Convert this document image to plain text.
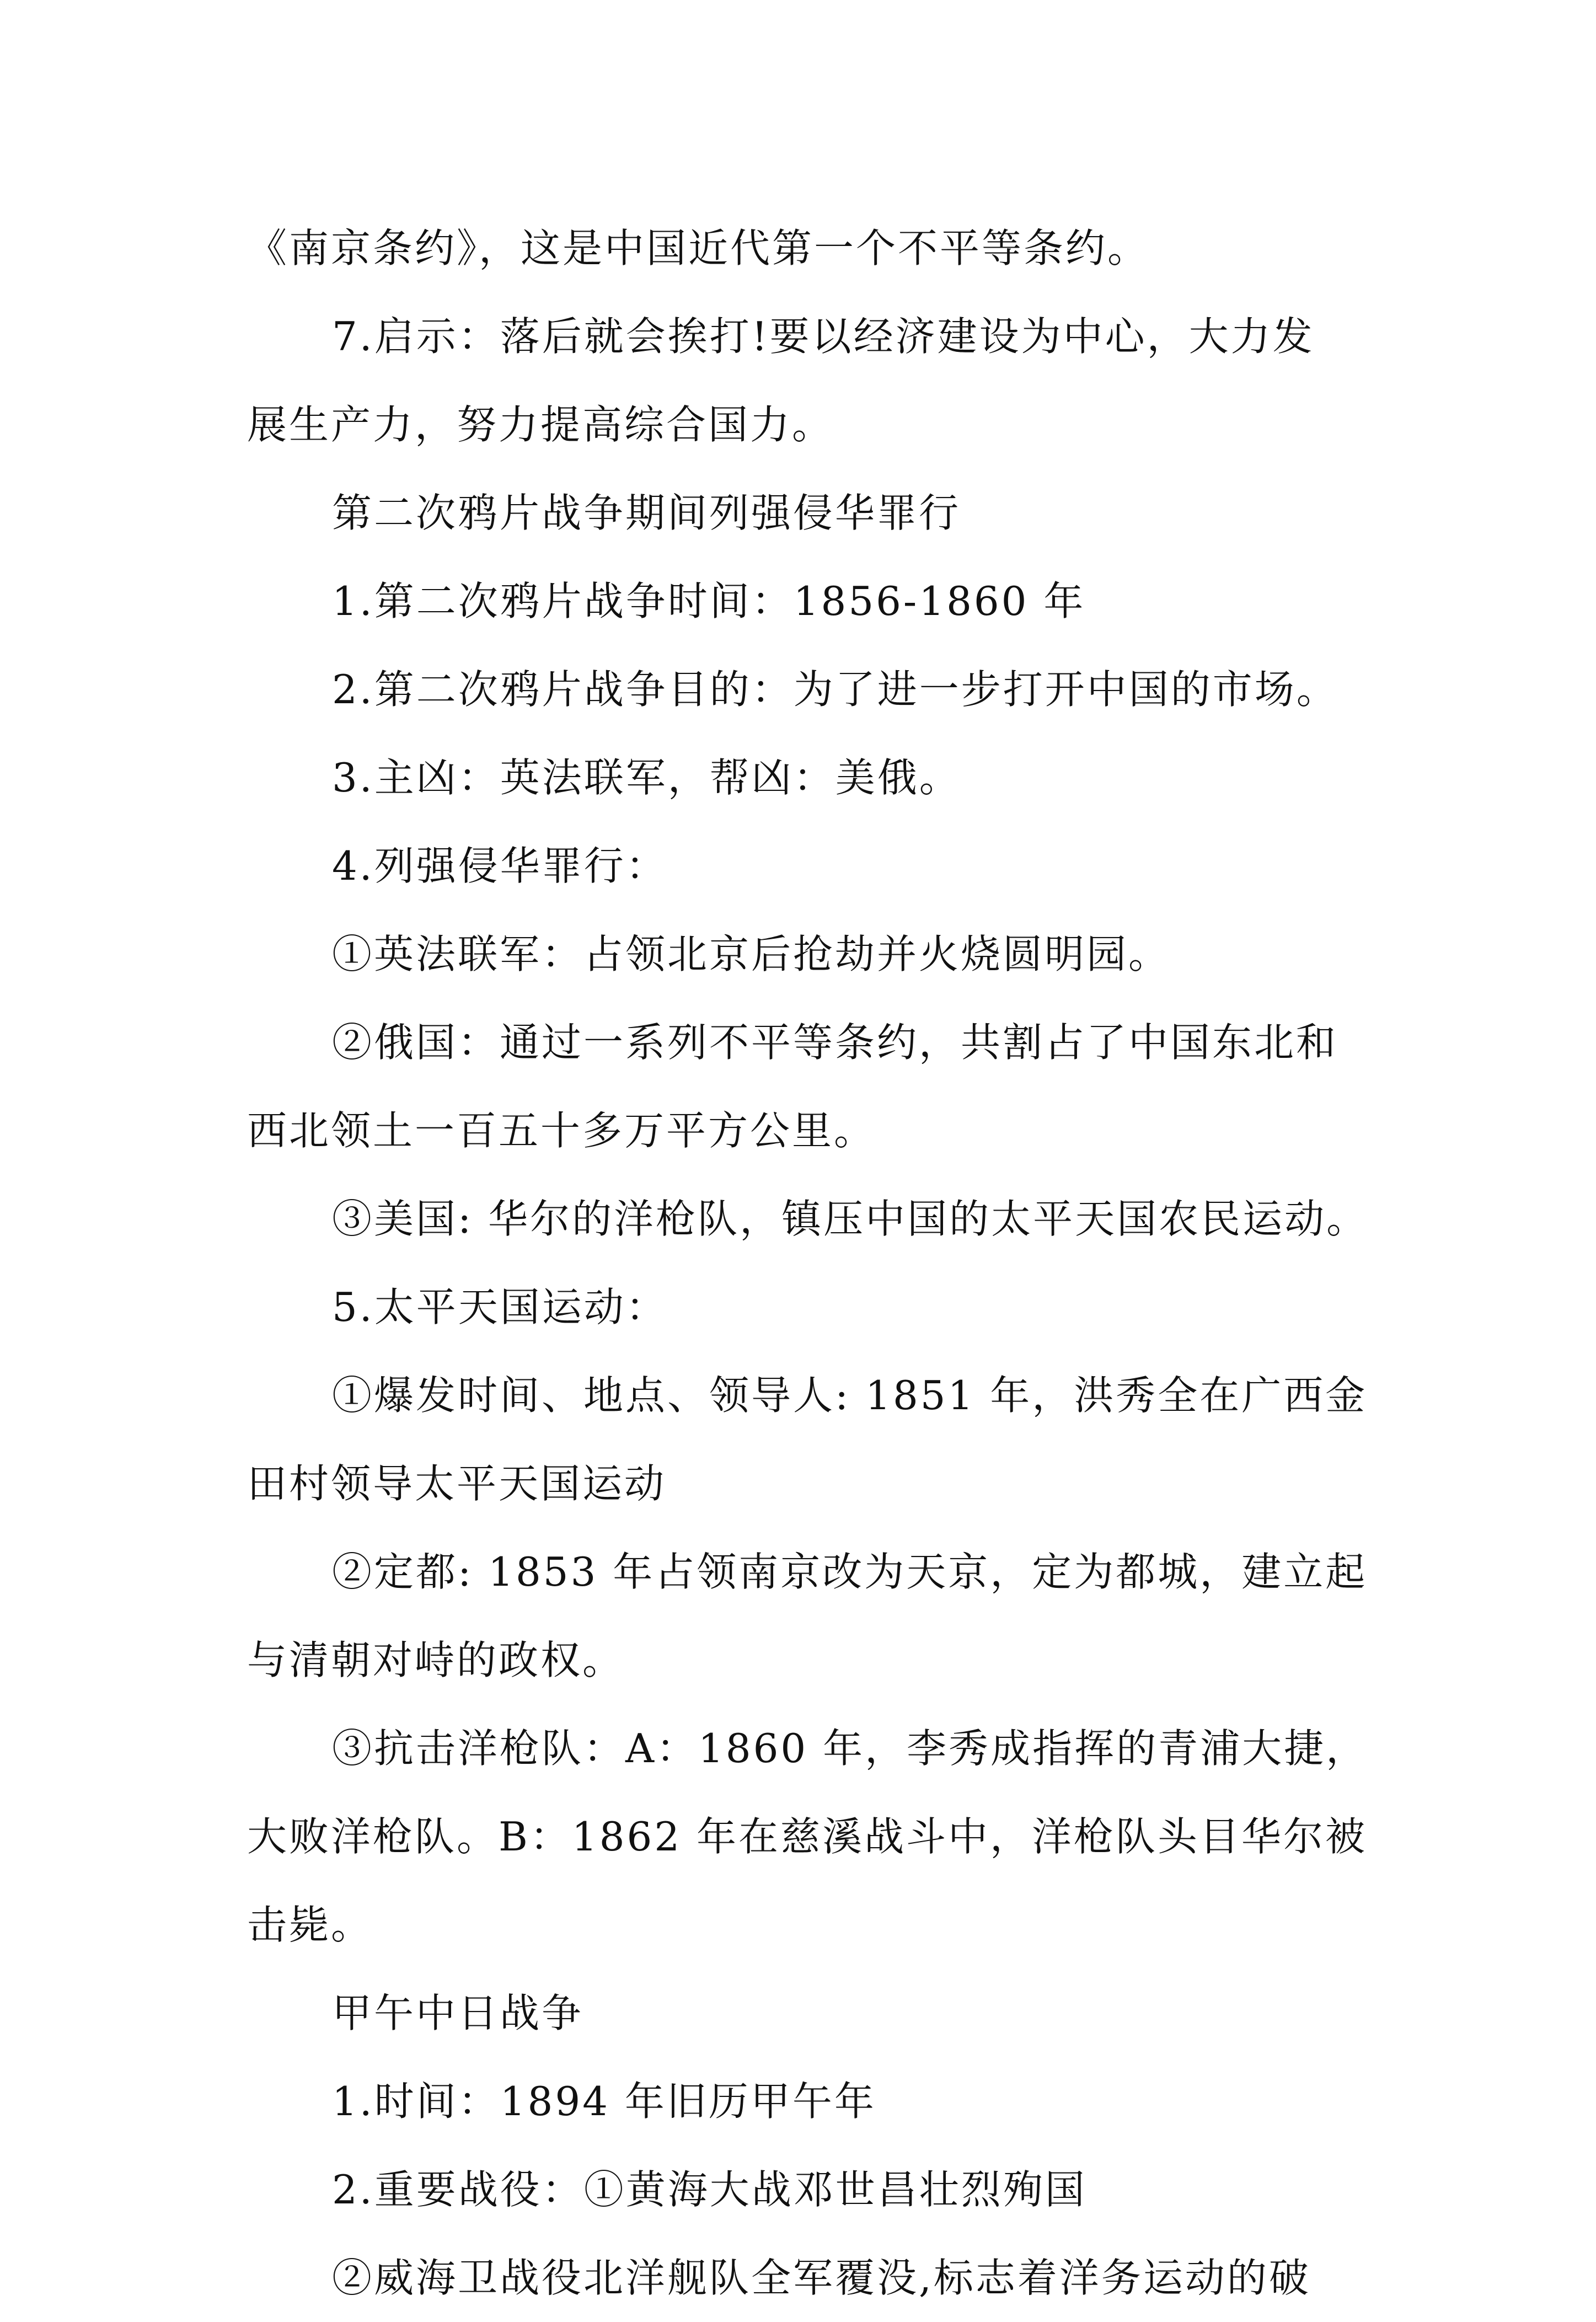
《南京条约》，这是中国近代第一个不平等条约。
7.启示：落后就会挨打!要以经济建设为中心，大力发
展生产力，努力提高综合国力。
第二次鸦片战争期间列强侵华罪行
1.第二次鸦片战争时间：1856-1860 年
2.第二次鸦片战争目的：为了进一步打开中国的市场。
3.主凶：英法联军，帮凶：美俄。
4.列强侵华罪行：
①英法联军：占领北京后抢劫并火烧圆明园。
②俄国：通过一系列不平等条约，共割占了中国东北和
西北领土一百五十多万平方公里。
③美国: 华尔的洋枪队，镇压中国的太平天国农民运动。
5.太平天国运动：
①爆发时间、地点、领导人: 1851 年，洪秀全在广西金
田村领导太平天国运动
②定都: 1853 年占领南京改为天京，定为都城，建立起
与清朝对峙的政权。
③抗击洋枪队：A：1860 年，李秀成指挥的青浦大捷，
大败洋枪队。B：1862 年在慈溪战斗中，洋枪队头目华尔被
击毙。
甲午中日战争
1.时间：1894 年旧历甲午年
2.重要战役：①黄海大战邓世昌壮烈殉国
②威海卫战役北洋舰队全军覆没,标志着洋务运动的破
